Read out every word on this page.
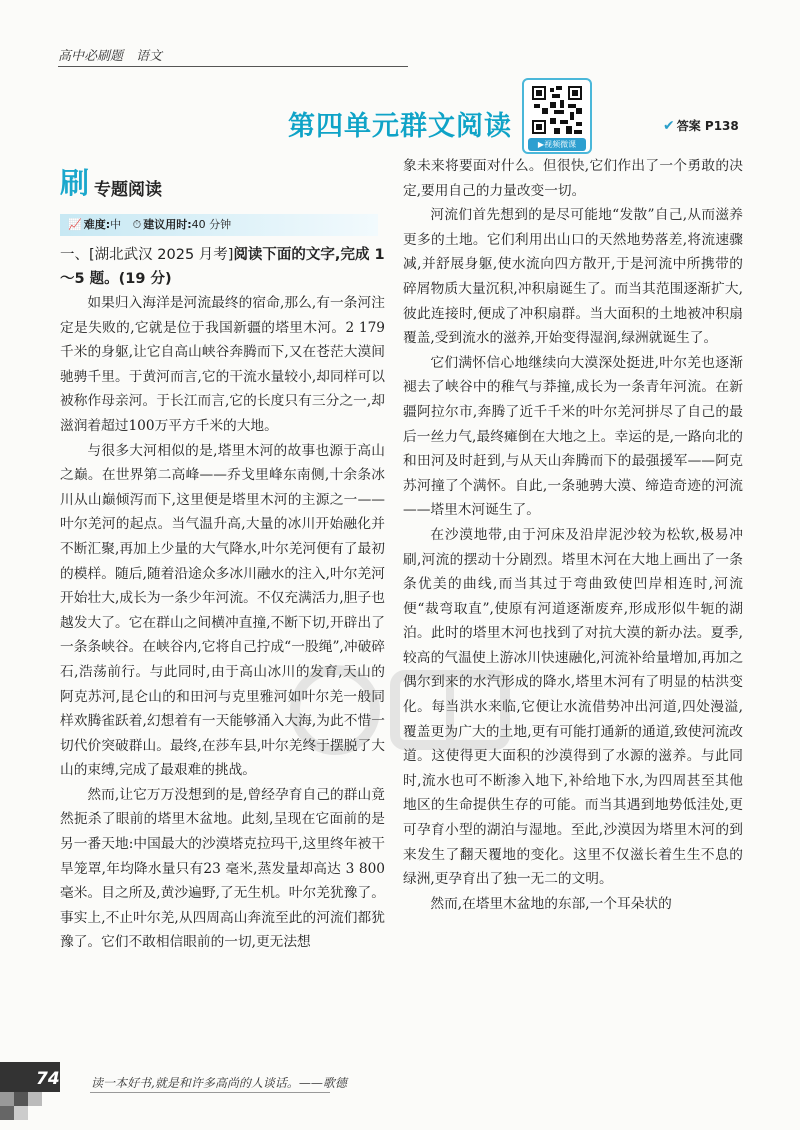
高中必刷题　语文
第四单元群文阅读
▶视频微课
✔ 答案 P138
刷 专题阅读
📈 难度:中 ⏱ 建议用时:40 分钟
一、[湖北武汉 2025 月考]阅读下面的文字,完成 1～5 题。(19 分)

如果归入海洋是河流最终的宿命,那么,有一条河注定是失败的,它就是位于我国新疆的塔里木河。2 179 千米的身躯,让它自高山峡谷奔腾而下,又在苍茫大漠间驰骋千里。于黄河而言,它的干流水量较小,却同样可以被称作母亲河。于长江而言,它的长度只有三分之一,却滋润着超过100万平方千米的大地。

与很多大河相似的是,塔里木河的故事也源于高山之巅。在世界第二高峰——乔戈里峰东南侧,十余条冰川从山巅倾泻而下,这里便是塔里木河的主源之一——叶尔羌河的起点。当气温升高,大量的冰川开始融化并不断汇聚,再加上少量的大气降水,叶尔羌河便有了最初的模样。随后,随着沿途众多冰川融水的注入,叶尔羌河开始壮大,成长为一条少年河流。不仅充满活力,胆子也越发大了。它在群山之间横冲直撞,不断下切,开辟出了一条条峡谷。在峡谷内,它将自己拧成“一股绳”,冲破碎石,浩荡前行。与此同时,由于高山冰川的发育,天山的阿克苏河,昆仑山的和田河与克里雅河如叶尔羌一般同样欢腾雀跃着,幻想着有一天能够涌入大海,为此不惜一切代价突破群山。最终,在莎车县,叶尔羌终于摆脱了大山的束缚,完成了最艰难的挑战。

然而,让它万万没想到的是,曾经孕育自己的群山竟然扼杀了眼前的塔里木盆地。此刻,呈现在它面前的是另一番天地:中国最大的沙漠塔克拉玛干,这里终年被干旱笼罩,年均降水量只有23 毫米,蒸发量却高达 3 800 毫米。目之所及,黄沙遍野,了无生机。叶尔羌犹豫了。事实上,不止叶尔羌,从四周高山奔流至此的河流们都犹豫了。它们不敢相信眼前的一切,更无法想

象未来将要面对什么。但很快,它们作出了一个勇敢的决定,要用自己的力量改变一切。

河流们首先想到的是尽可能地“发散”自己,从而滋养更多的土地。它们利用出山口的天然地势落差,将流速骤减,并舒展身躯,使水流向四方散开,于是河流中所携带的碎屑物质大量沉积,冲积扇诞生了。而当其范围逐渐扩大,彼此连接时,便成了冲积扇群。当大面积的土地被冲积扇覆盖,受到流水的滋养,开始变得湿润,绿洲就诞生了。

它们满怀信心地继续向大漠深处挺进,叶尔羌也逐渐褪去了峡谷中的稚气与莽撞,成长为一条青年河流。在新疆阿拉尔市,奔腾了近千千米的叶尔羌河拼尽了自己的最后一丝力气,最终瘫倒在大地之上。幸运的是,一路向北的和田河及时赶到,与从天山奔腾而下的最强援军——阿克苏河撞了个满怀。自此,一条驰骋大漠、缔造奇迹的河流——塔里木河诞生了。

在沙漠地带,由于河床及沿岸泥沙较为松软,极易冲刷,河流的摆动十分剧烈。塔里木河在大地上画出了一条条优美的曲线,而当其过于弯曲致使凹岸相连时,河流便“裁弯取直”,使原有河道逐渐废弃,形成形似牛轭的湖泊。此时的塔里木河也找到了对抗大漠的新办法。夏季,较高的气温使上游冰川快速融化,河流补给量增加,再加之偶尔到来的水汽形成的降水,塔里木河有了明显的枯洪变化。每当洪水来临,它便让水流借势冲出河道,四处漫溢,覆盖更为广大的土地,更有可能打通新的通道,致使河流改道。这使得更大面积的沙漠得到了水源的滋养。与此同时,流水也可不断渗入地下,补给地下水,为四周甚至其他地区的生命提供生存的可能。而当其遇到地势低洼处,更可孕育小型的湖泊与湿地。至此,沙漠因为塔里木河的到来发生了翻天覆地的变化。这里不仅滋长着生生不息的绿洲,更孕育出了独一无二的文明。

然而,在塔里木盆地的东部,一个耳朵状的

74	读一本好书,就是和许多高尚的人谈话。——歌德
